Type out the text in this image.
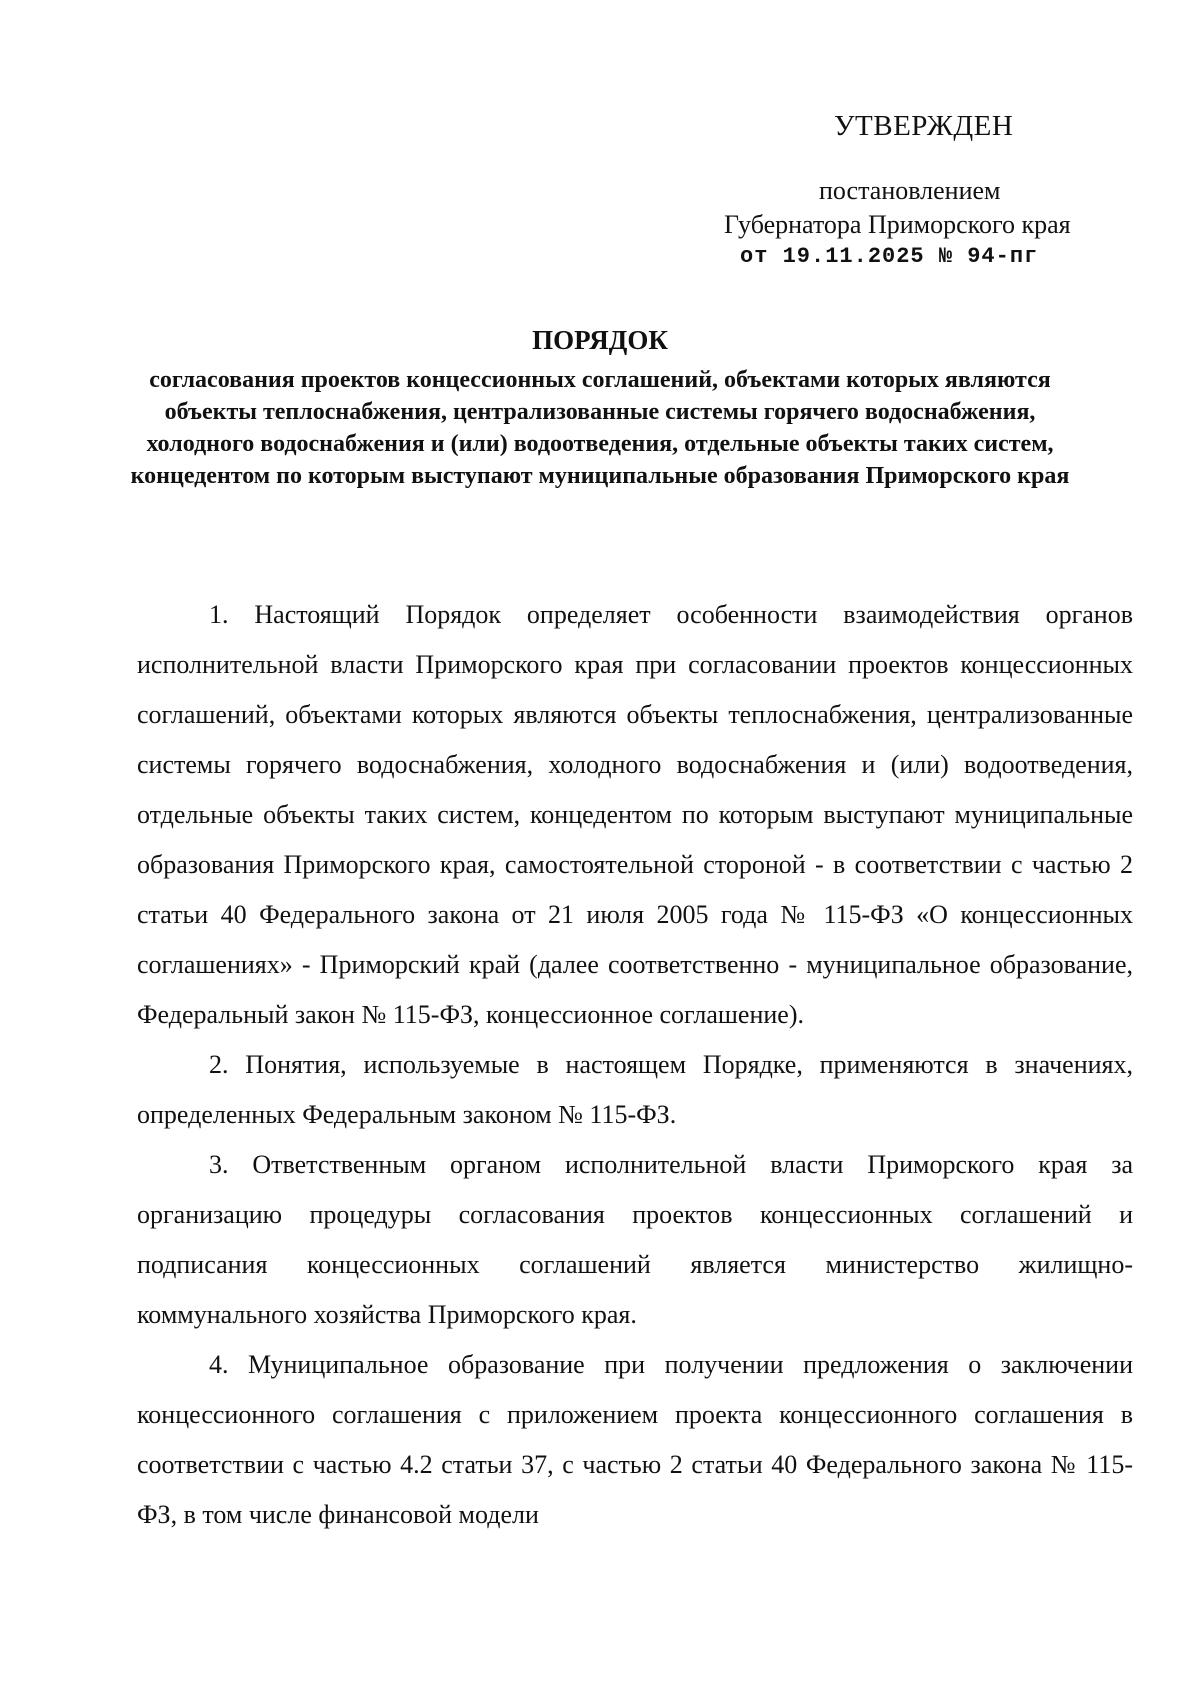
УТВЕРЖДЕН
постановлением
Губернатора Приморского края
от 19.11.2025 № 94-пг

ПОРЯДОК

согласования проектов концессионных соглашений, объектами которых являются объекты теплоснабжения, централизованные системы горячего водоснабжения, холодного водоснабжения и (или) водоотведения, отдельные объекты таких систем, концедентом по которым выступают муниципальные образования Приморского края

1. Настоящий Порядок определяет особенности взаимодействия органов исполнительной власти Приморского края при согласовании проектов концессионных соглашений, объектами которых являются объекты теплоснабжения, централизованные системы горячего водоснабжения, холодного водоснабжения и (или) водоотведения, отдельные объекты таких систем, концедентом по которым выступают муниципальные образования Приморского края, самостоятельной стороной - в соответствии с частью 2 статьи 40 Федерального закона от 21 июля 2005 года № 115-ФЗ «О концессионных соглашениях» - Приморский край (далее соответственно - муниципальное образование, Федеральный закон № 115-ФЗ, концессионное соглашение).

2. Понятия, используемые в настоящем Порядке, применяются в значениях, определенных Федеральным законом № 115-ФЗ.

3. Ответственным органом исполнительной власти Приморского края за организацию процедуры согласования проектов концессионных соглашений и подписания концессионных соглашений является министерство жилищно-коммунального хозяйства Приморского края.

4. Муниципальное образование при получении предложения о заключении концессионного соглашения с приложением проекта концессионного соглашения в соответствии с частью 4.2 статьи 37, с частью 2 статьи 40 Федерального закона № 115-ФЗ, в том числе финансовой модели
